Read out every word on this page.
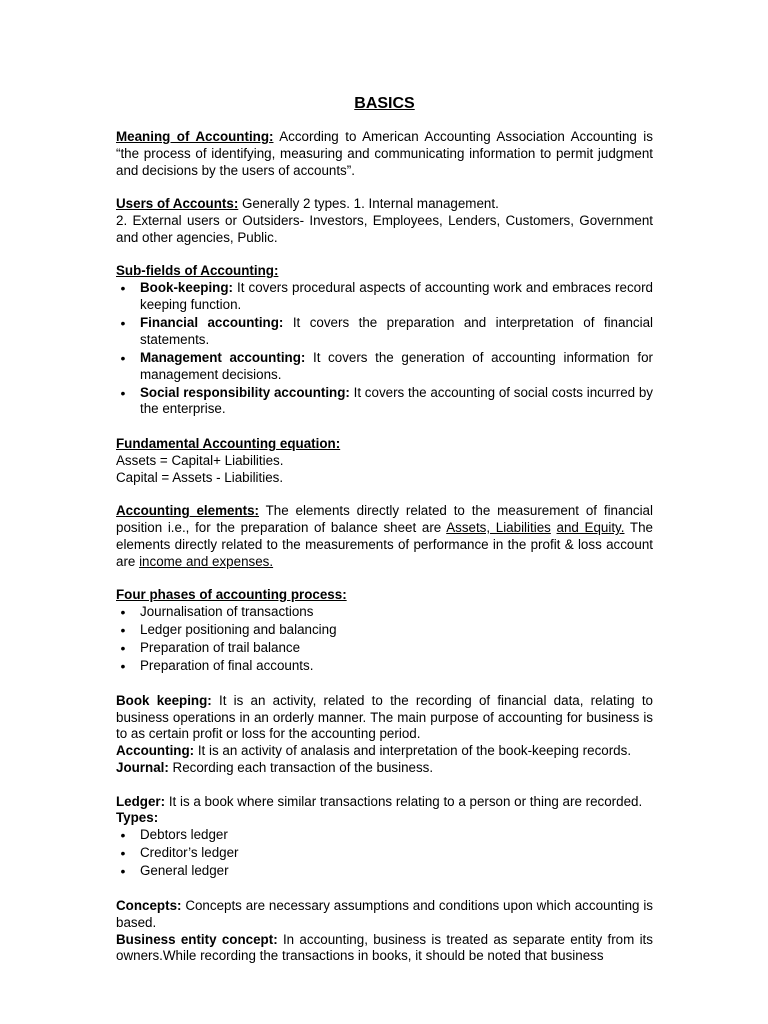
BASICS

Meaning of Accounting: According to American Accounting Association Accounting is “the process of identifying, measuring and communicating information to permit judgment and decisions by the users of accounts”.

Users of Accounts: Generally 2 types. 1. Internal management.

2. External users or Outsiders- Investors, Employees, Lenders, Customers, Government and other agencies, Public.

Sub-fields of Accounting:

•
Book-keeping: It covers procedural aspects of accounting work and embraces record keeping function.
•
Financial accounting: It covers the preparation and interpretation of financial statements.
•
Management accounting: It covers the generation of accounting information for management decisions.
•
Social responsibility accounting: It covers the accounting of social costs incurred by the enterprise.

Fundamental Accounting equation:

Assets = Capital+ Liabilities.

Capital = Assets - Liabilities.

Accounting elements: The elements directly related to the measurement of financial position i.e., for the preparation of balance sheet are Assets, Liabilities and Equity. The elements directly related to the measurements of performance in the profit & loss account are income and expenses.

Four phases of accounting process:

•
Journalisation of transactions
•
Ledger positioning and balancing
•
Preparation of trail balance
•
Preparation of final accounts.

Book keeping: It is an activity, related to the recording of financial data, relating to business operations in an orderly manner. The main purpose of accounting for business is to as certain profit or loss for the accounting period.

Accounting: It is an activity of analasis and interpretation of the book-keeping records.

Journal: Recording each transaction of the business.

Ledger: It is a book where similar transactions relating to a person or thing are recorded.

Types:

•
Debtors ledger
•
Creditor’s ledger
•
General ledger

Concepts: Concepts are necessary assumptions and conditions upon which accounting is based.

Business entity concept: In accounting, business is treated as separate entity from its owners.While recording the transactions in books, it should be noted that business
